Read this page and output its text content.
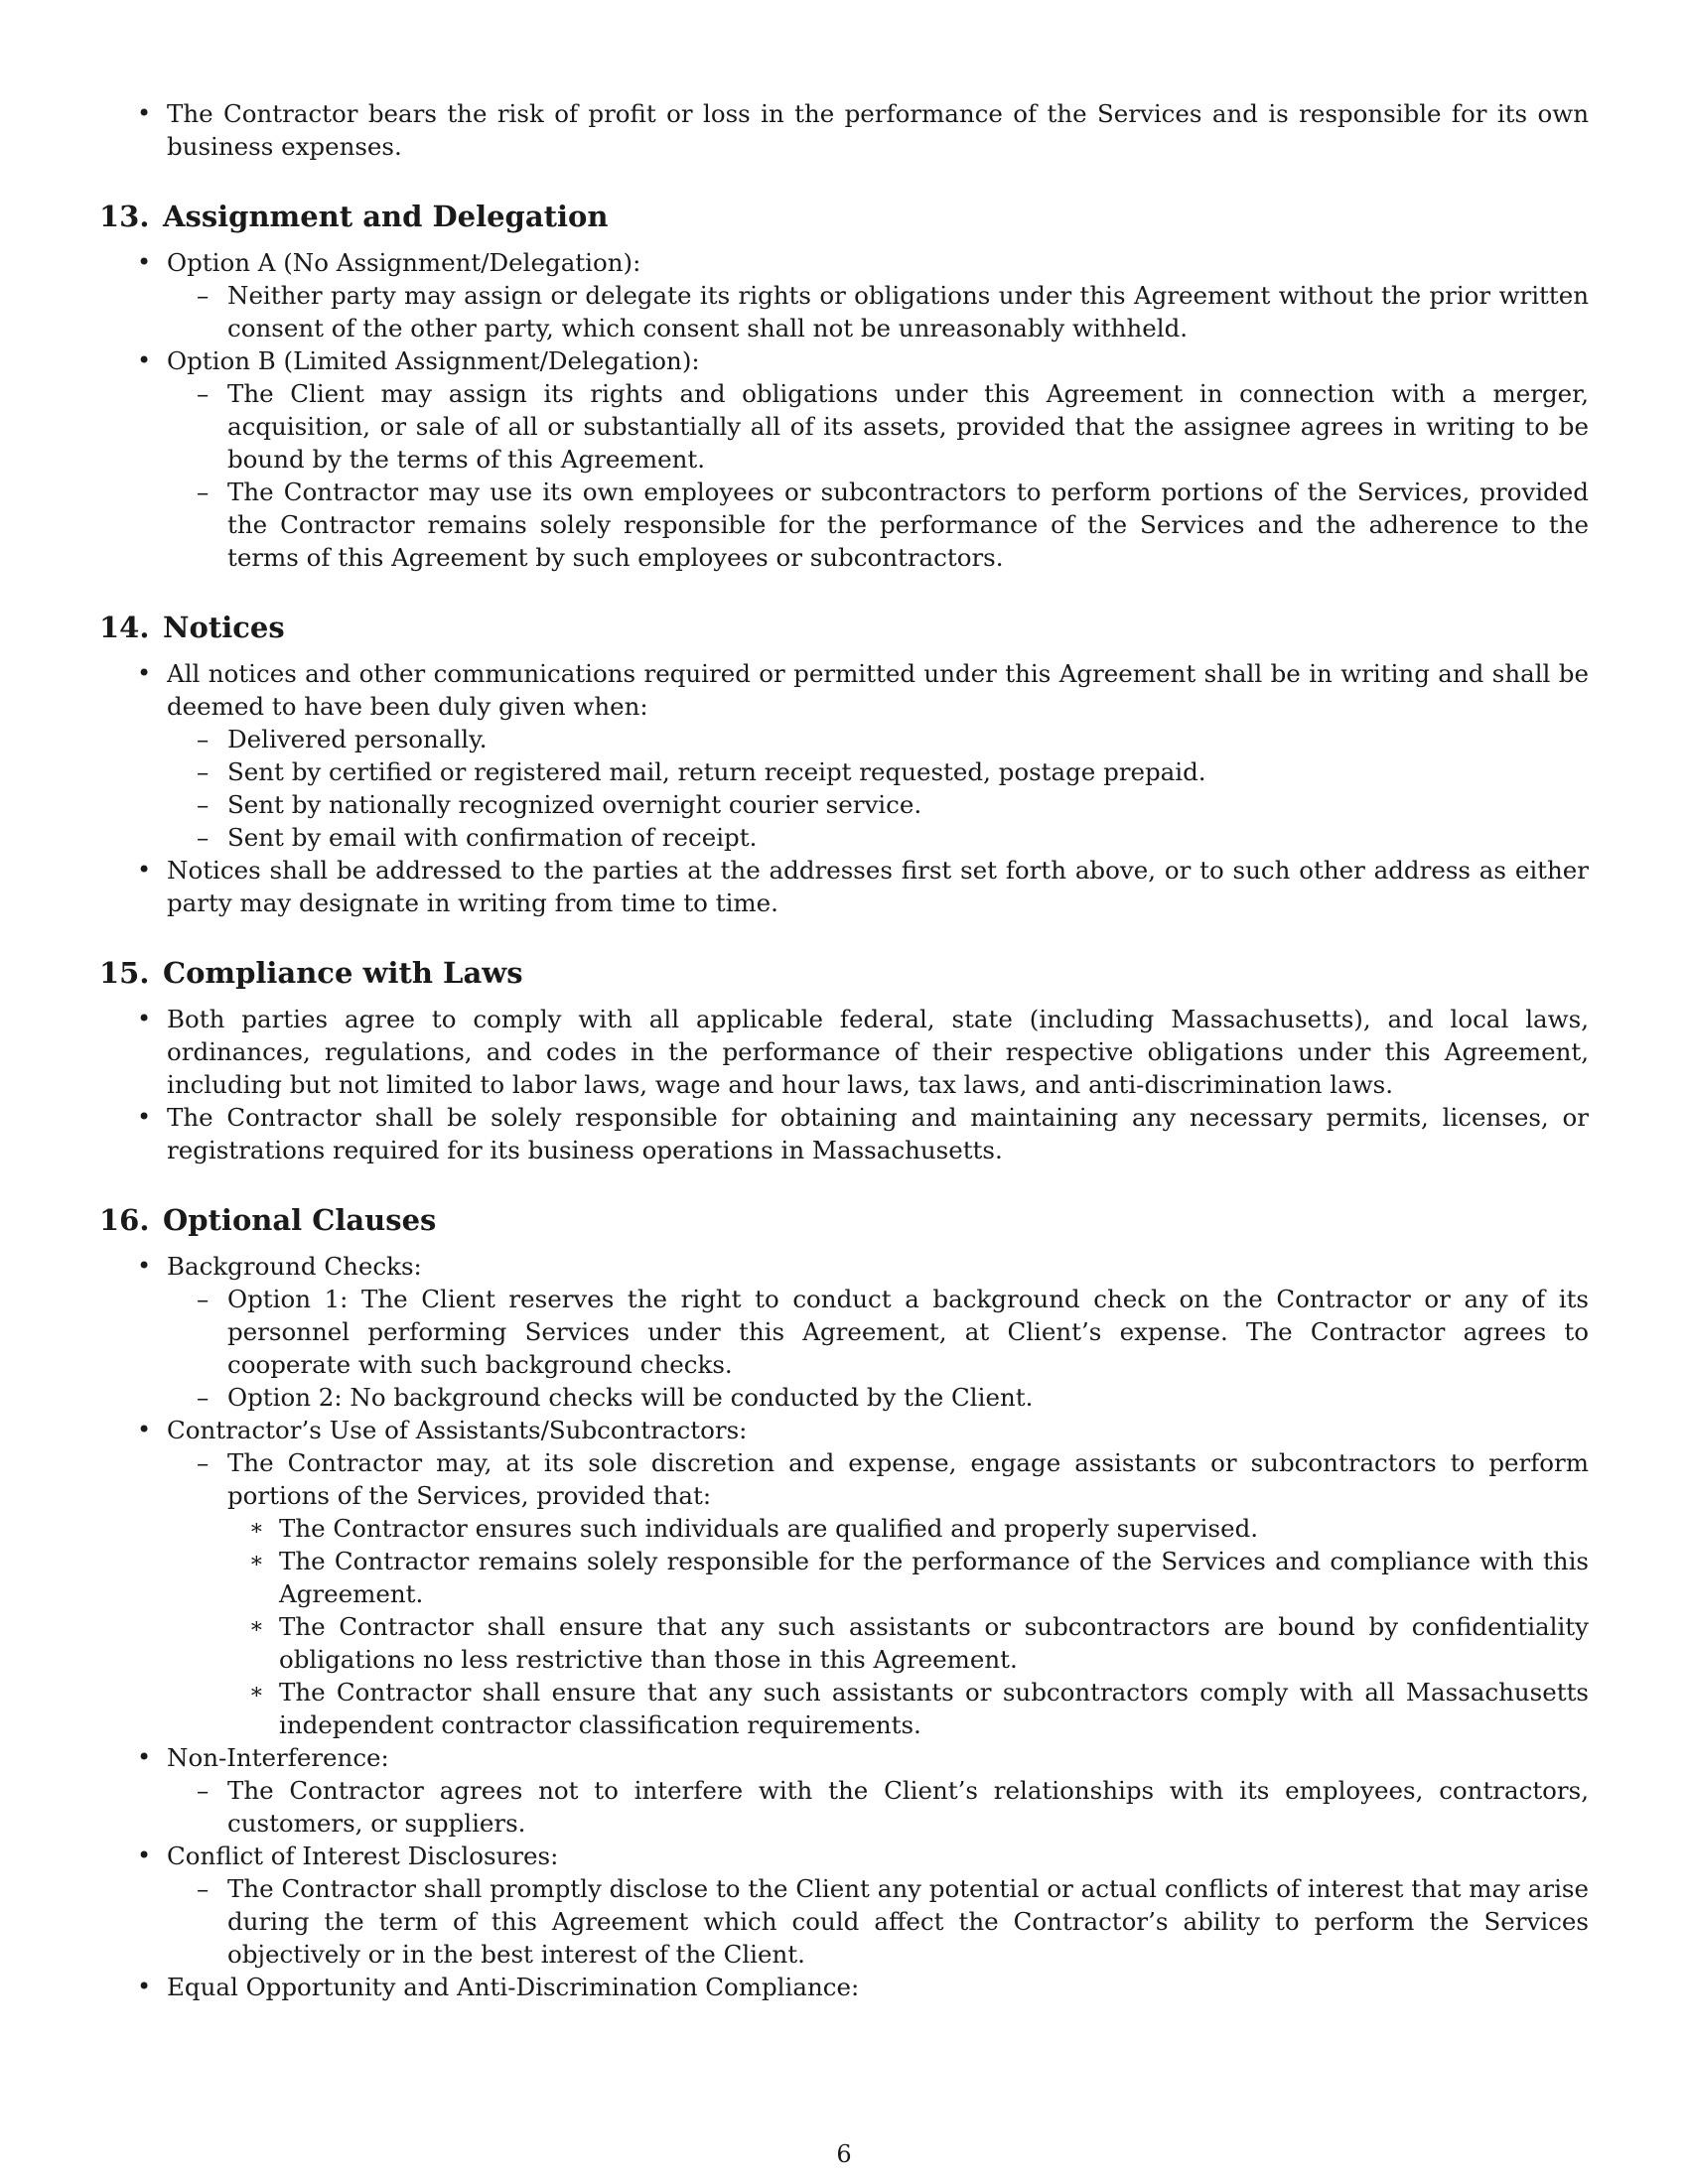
• The Contractor bears the risk of profit or loss in the performance of the Services and is responsible for its own business expenses.
13. Assignment and Delegation
• Option A (No Assignment/Delegation):
– Neither party may assign or delegate its rights or obligations under this Agreement without the prior written consent of the other party, which consent shall not be unreasonably withheld.
• Option B (Limited Assignment/Delegation):
– The Client may assign its rights and obligations under this Agreement in connection with a merger, acquisition, or sale of all or substantially all of its assets, provided that the assignee agrees in writing to be bound by the terms of this Agreement.
– The Contractor may use its own employees or subcontractors to perform portions of the Services, provided the Contractor remains solely responsible for the performance of the Services and the adherence to the terms of this Agreement by such employees or subcontractors.
14. Notices
• All notices and other communications required or permitted under this Agreement shall be in writing and shall be deemed to have been duly given when:
– Delivered personally.
– Sent by certified or registered mail, return receipt requested, postage prepaid.
– Sent by nationally recognized overnight courier service.
– Sent by email with confirmation of receipt.
• Notices shall be addressed to the parties at the addresses first set forth above, or to such other address as either party may designate in writing from time to time.
15. Compliance with Laws
• Both parties agree to comply with all applicable federal, state (including Massachusetts), and local laws, ordinances, regulations, and codes in the performance of their respective obligations under this Agreement, including but not limited to labor laws, wage and hour laws, tax laws, and anti-discrimination laws.
• The Contractor shall be solely responsible for obtaining and maintaining any necessary permits, licenses, or registrations required for its business operations in Massachusetts.
16. Optional Clauses
• Background Checks:
– Option 1: The Client reserves the right to conduct a background check on the Contractor or any of its personnel performing Services under this Agreement, at Client’s expense. The Contractor agrees to cooperate with such background checks.
– Option 2: No background checks will be conducted by the Client.
• Contractor’s Use of Assistants/Subcontractors:
– The Contractor may, at its sole discretion and expense, engage assistants or subcontractors to perform portions of the Services, provided that:
∗ The Contractor ensures such individuals are qualified and properly supervised.
∗ The Contractor remains solely responsible for the performance of the Services and compliance with this Agreement.
∗ The Contractor shall ensure that any such assistants or subcontractors are bound by confidentiality obligations no less restrictive than those in this Agreement.
∗ The Contractor shall ensure that any such assistants or subcontractors comply with all Massachusetts independent contractor classification requirements.
• Non-Interference:
– The Contractor agrees not to interfere with the Client’s relationships with its employees, contractors, customers, or suppliers.
• Conflict of Interest Disclosures:
– The Contractor shall promptly disclose to the Client any potential or actual conflicts of interest that may arise during the term of this Agreement which could affect the Contractor’s ability to perform the Services objectively or in the best interest of the Client.
• Equal Opportunity and Anti-Discrimination Compliance:
6
